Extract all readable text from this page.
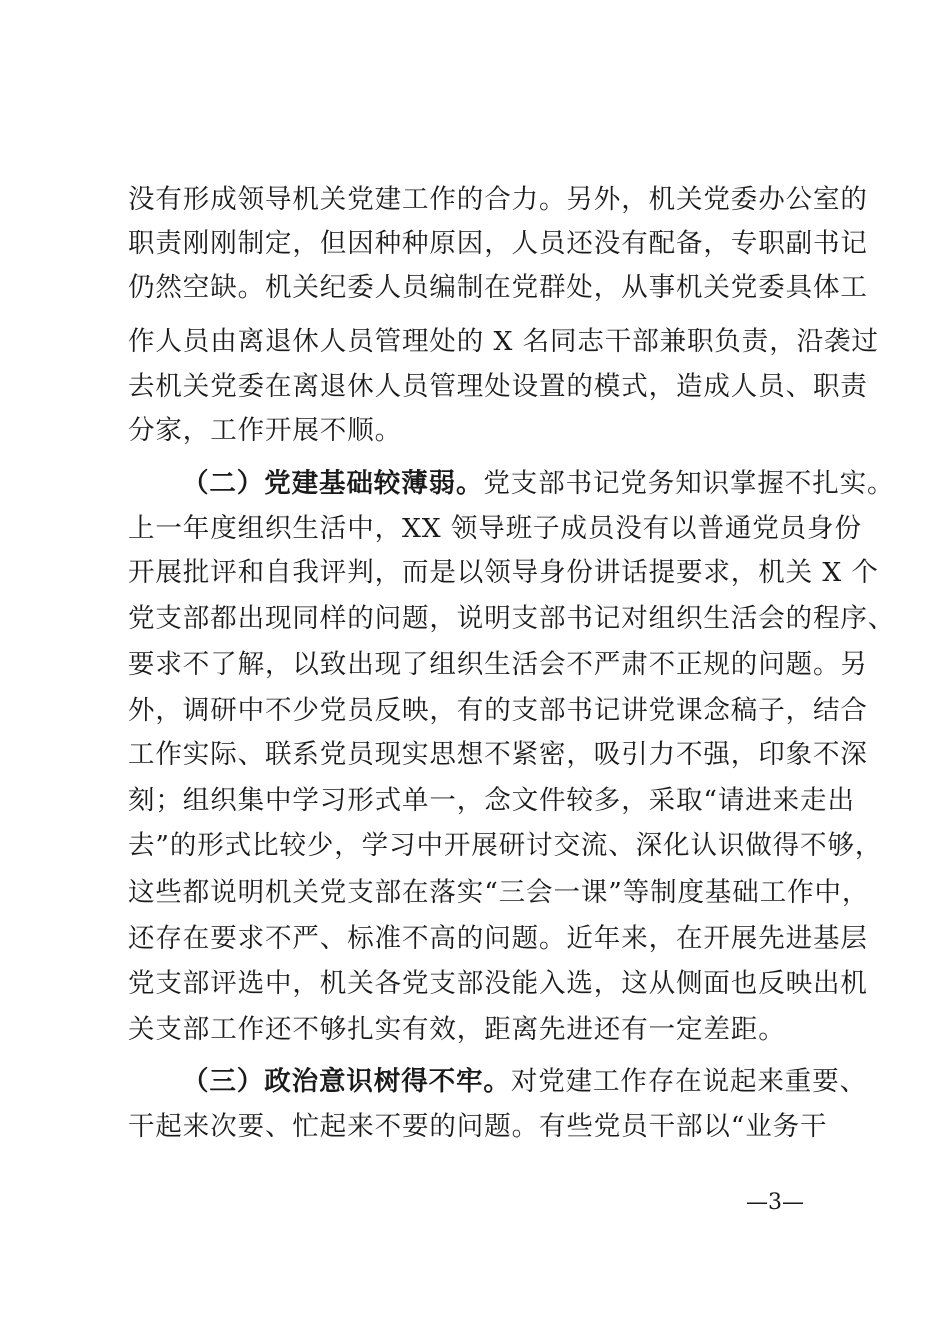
没有形成领导机关党建工作的合力。另外，机关党委办公室的
职责刚刚制定，但因种种原因，人员还没有配备，专职副书记
仍然空缺。机关纪委人员编制在党群处，从事机关党委具体工
作人员由离退休人员管理处的 X 名同志干部兼职负责，沿袭过
去机关党委在离退休人员管理处设置的模式，造成人员、职责
分家，工作开展不顺。
（二）党建基础较薄弱。党支部书记党务知识掌握不扎实。
上一年度组织生活中，XX 领导班子成员没有以普通党员身份
开展批评和自我评判，而是以领导身份讲话提要求，机关 X 个
党支部都出现同样的问题，说明支部书记对组织生活会的程序、
要求不了解，以致出现了组织生活会不严肃不正规的问题。另
外，调研中不少党员反映，有的支部书记讲党课念稿子，结合
工作实际、联系党员现实思想不紧密，吸引力不强，印象不深
刻；组织集中学习形式单一，念文件较多，采取“请进来走出
去”的形式比较少，学习中开展研讨交流、深化认识做得不够，
这些都说明机关党支部在落实“三会一课”等制度基础工作中，
还存在要求不严、标准不高的问题。近年来，在开展先进基层
党支部评选中，机关各党支部没能入选，这从侧面也反映出机
关支部工作还不够扎实有效，距离先进还有一定差距。
（三）政治意识树得不牢。对党建工作存在说起来重要、
干起来次要、忙起来不要的问题。有些党员干部以“业务干
—3—
